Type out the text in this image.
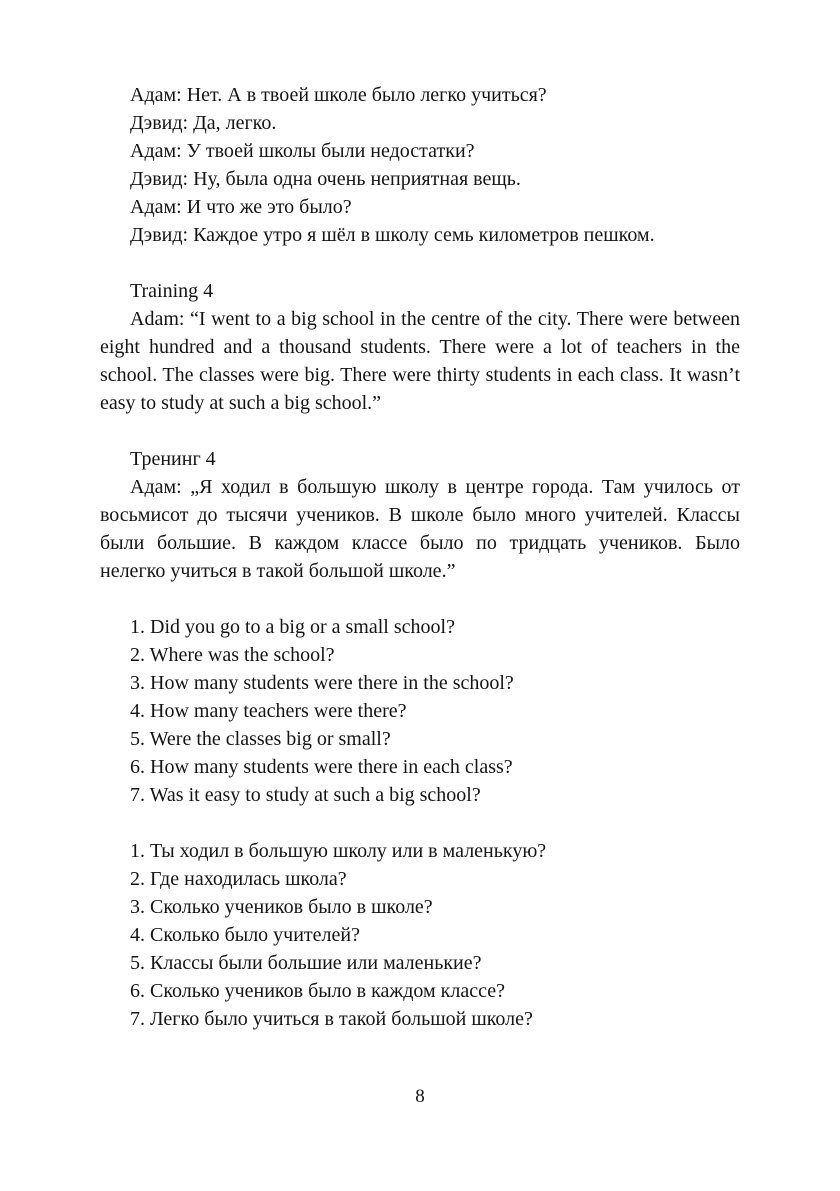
Адам: Нет. А в твоей школе было легко учиться?

Дэвид: Да, легко.

Адам: У твоей школы были недостатки?

Дэвид: Ну, была одна очень неприятная вещь.

Адам: И что же это было?

Дэвид: Каждое утро я шёл в школу семь километров пешком.

Training 4

Adam: “I went to a big school in the centre of the city. There were between eight hundred and a thousand students. There were a lot of teachers in the school. The classes were big. There were thirty students in each class. It wasn’t easy to study at such a big school.”

Тренинг 4

Адам: „Я ходил в большую школу в центре города. Там училось от восьмисот до тысячи учеников. В школе было много учителей. Классы были большие. В каждом классе было по тридцать учеников. Было нелегко учиться в такой большой школе.”

1. Did you go to a big or a small school?

2. Where was the school?

3. How many students were there in the school?

4. How many teachers were there?

5. Were the classes big or small?

6. How many students were there in each class?

7. Was it easy to study at such a big school?

1. Ты ходил в большую школу или в маленькую?

2. Где находилась школа?

3. Сколько учеников было в школе?

4. Сколько было учителей?

5. Классы были большие или маленькие?

6. Сколько учеников было в каждом классе?

7. Легко было учиться в такой большой школе?

8
